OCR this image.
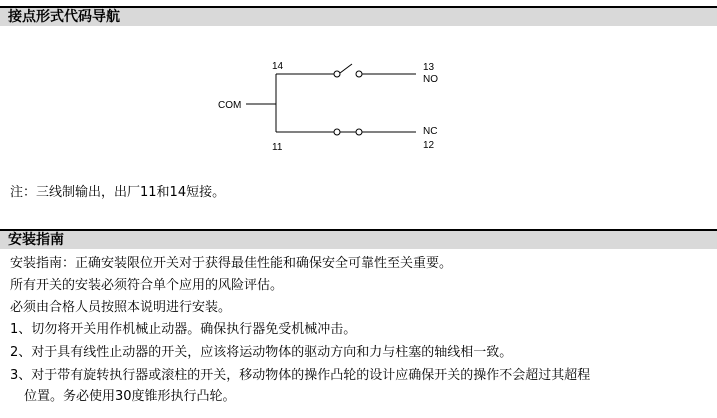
接点形式代码导航
COM
14	13
NO
11
NC
12
注：三线制输出，出厂11和14短接。
安装指南
安装指南：正确安装限位开关对于获得最佳性能和确保安全可靠性至关重要。
所有开关的安装必须符合单个应用的风险评估。
必须由合格人员按照本说明进行安装。
1、切勿将开关用作机械止动器。确保执行器免受机械冲击。
2、对于具有线性止动器的开关，应该将运动物体的驱动方向和力与柱塞的轴线相一致。
3、对于带有旋转执行器或滚柱的开关，移动物体的操作凸轮的设计应确保开关的操作不会超过其超程
位置。务必使用30度锥形执行凸轮。
